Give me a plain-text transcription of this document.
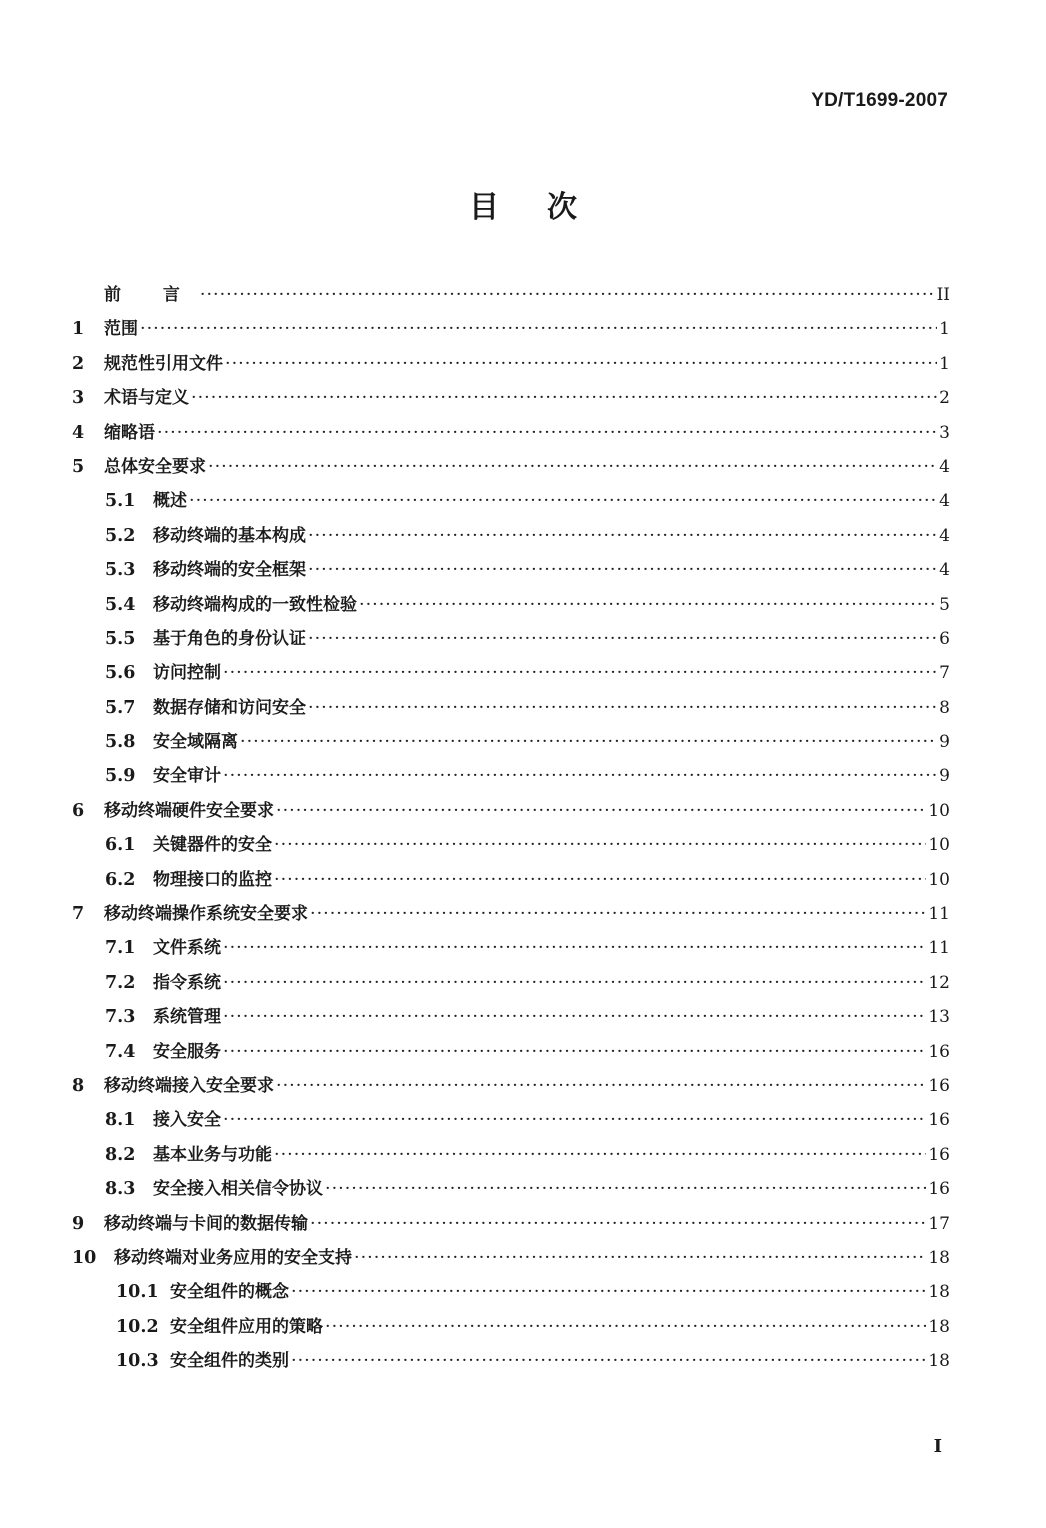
YD/T1699-2007
目次
前 言 ·····	II
1	范围 ·····	1
2	规范性引用文件 ·····	1
3	术语与定义 ·····	2
4	缩略语 ·····	3
5	总体安全要求 ·····	4
5.1	概述 ·····	4
5.2	移动终端的基本构成 ·····	4
5.3	移动终端的安全框架 ·····	4
5.4	移动终端构成的一致性检验 ·····	5
5.5	基于角色的身份认证 ·····	6
5.6	访问控制 ·····	7
5.7	数据存储和访问安全 ·····	8
5.8	安全域隔离 ·····	9
5.9	安全审计 ·····	9
6	移动终端硬件安全要求 ·····	10
6.1	关键器件的安全 ·····	10
6.2	物理接口的监控 ·····	10
7	移动终端操作系统安全要求 ·····	11
7.1	文件系统 ·····	11
7.2	指令系统 ·····	12
7.3	系统管理 ·····	13
7.4	安全服务 ·····	16
8	移动终端接入安全要求 ·····	16
8.1	接入安全 ·····	16
8.2	基本业务与功能 ·····	16
8.3	安全接入相关信令协议 ·····	16
9	移动终端与卡间的数据传输 ·····	17
10	移动终端对业务应用的安全支持 ·····	18
10.1 安全组件的概念 ·····	18
10.2 安全组件应用的策略 ·····	18
10.3 安全组件的类别 ·····	18
I
